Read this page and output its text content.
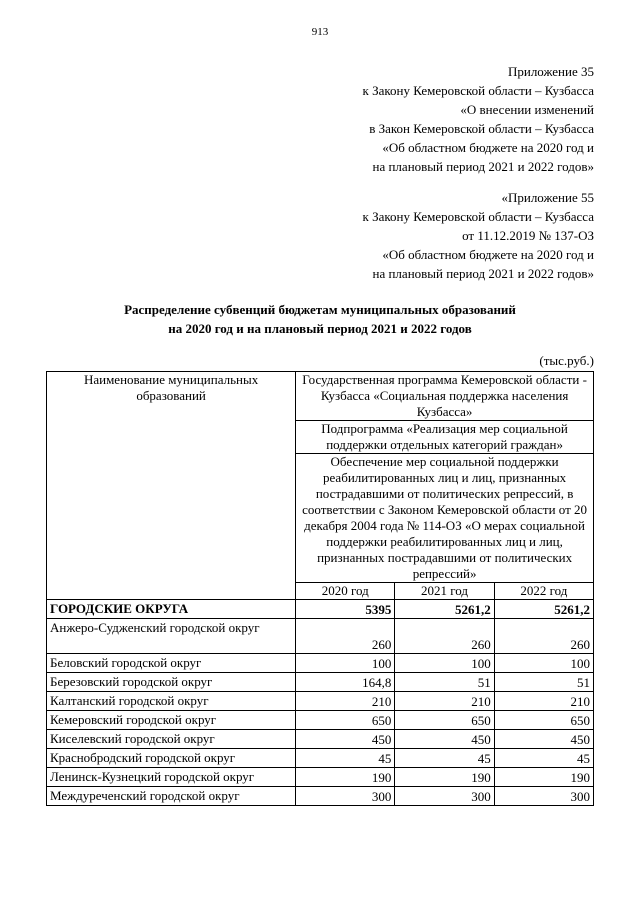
913
Приложение 35
к Закону Кемеровской области – Кузбасса
«О внесении изменений
в Закон Кемеровской области – Кузбасса
«Об областном бюджете на 2020 год и
на плановый период 2021 и 2022 годов»
«Приложение 55
к Закону Кемеровской области – Кузбасса
от 11.12.2019 № 137-ОЗ
«Об областном бюджете на 2020 год и
на плановый период 2021 и 2022 годов»
Распределение субвенций бюджетам муниципальных образований
на 2020 год и на плановый период 2021 и 2022 годов
(тыс.руб.)
Наименование муниципальных образований	Государственная программа Кемеровской области - Кузбасса «Социальная поддержка населения Кузбасса»		
	Подпрограмма «Реализация мер социальной поддержки отдельных категорий граждан»		
	Обеспечение мер социальной поддержки реабилитированных лиц и лиц, признанных пострадавшими от политических репрессий, в соответствии с Законом Кемеровской области от 20 декабря 2004 года № 114-ОЗ «О мерах социальной поддержки реабилитированных лиц и лиц, признанных пострадавшими от политических репрессий»		
	2020 год	2021 год	2022 год
ГОРОДСКИЕ ОКРУГА	5395	5261,2	5261,2
Анжеро-Судженский городской округ	260	260	260
Беловский городской округ	100	100	100
Березовский городской округ	164,8	51	51
Калтанский городской округ	210	210	210
Кемеровский городской округ	650	650	650
Киселевский городской округ	450	450	450
Краснобродский городской округ	45	45	45
Ленинск-Кузнецкий городской округ	190	190	190
Междуреченский городской округ	300	300	300
